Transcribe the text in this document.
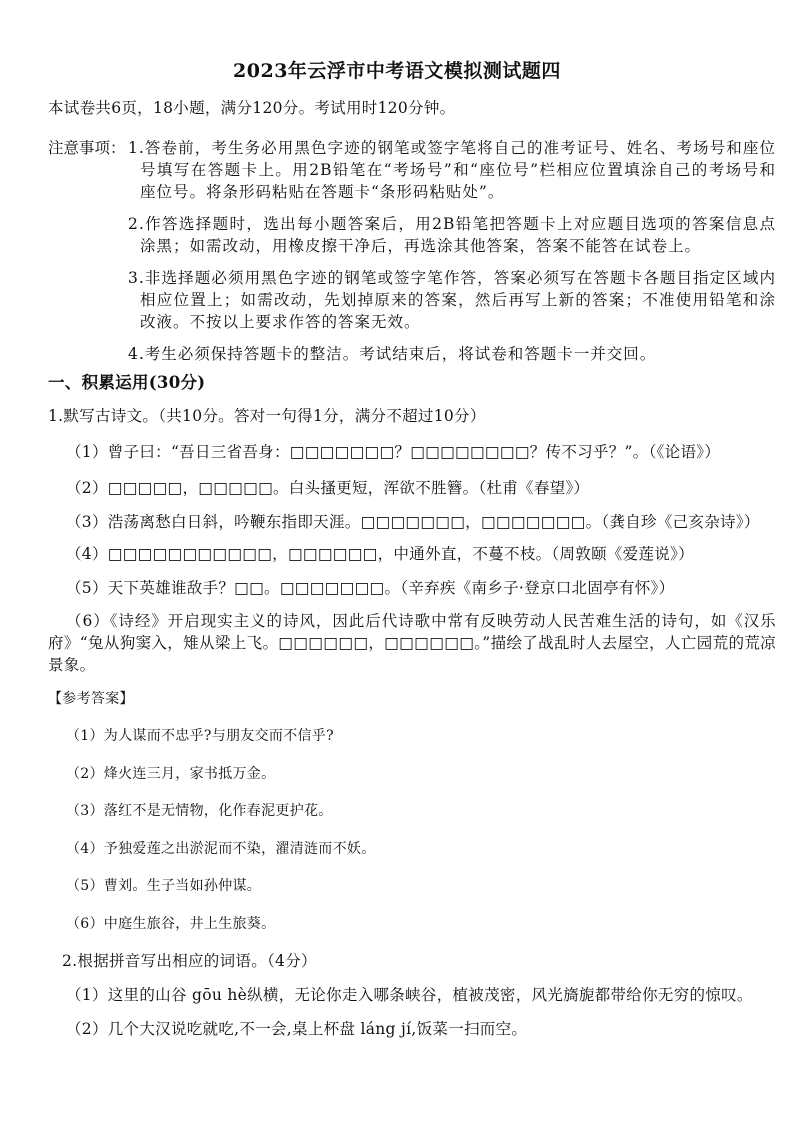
2023年云浮市中考语文模拟测试题四
本试卷共6页，18小题，满分120分。考试用时120分钟。
注意事项： 1.答卷前，考生务必用黑色字迹的钢笔或签字笔将自己的准考证号、姓名、考场号和座位号填写在答题卡上。用2B铅笔在“考场号”和“座位号”栏相应位置填涂自己的考场号和座位号。将条形码粘贴在答题卡“条形码粘贴处”。
2.作答选择题时，选出每小题答案后，用2B铅笔把答题卡上对应题目选项的答案信息点涂黑；如需改动，用橡皮擦干净后，再选涂其他答案，答案不能答在试卷上。
3.非选择题必须用黑色字迹的钢笔或签字笔作答，答案必须写在答题卡各题目指定区域内相应位置上；如需改动，先划掉原来的答案，然后再写上新的答案；不准使用铅笔和涂改液。不按以上要求作答的答案无效。
4.考生必须保持答题卡的整洁。考试结束后，将试卷和答题卡一并交回。
一、积累运用(30分)
1.默写古诗文。（共10分。答对一句得1分，满分不超过10分）
（1）曾子曰：“吾日三省吾身：□□□□□□□？□□□□□□□□？传不习乎？”。（《论语》）
（2）□□□□□，□□□□□。白头搔更短，浑欲不胜簪。（杜甫《春望》）
（3）浩荡离愁白日斜，吟鞭东指即天涯。□□□□□□□，□□□□□□□。（龚自珍《己亥杂诗》）
（4）□□□□□□□□□□□，□□□□□□，中通外直，不蔓不枝。（周敦颐《爱莲说》）
（5）天下英雄谁敌手？□□。□□□□□□□。（辛弃疾《南乡子·登京口北固亭有怀》）
（6）《诗经》开启现实主义的诗风，因此后代诗歌中常有反映劳动人民苦难生活的诗句，如《汉乐府》“兔从狗窦入，雉从梁上飞。□□□□□□，□□□□□□。”描绘了战乱时人去屋空，人亡园荒的荒凉景象。
【参考答案】
（1）为人谋而不忠乎?与朋友交而不信乎?
（2）烽火连三月，家书抵万金。
（3）落红不是无情物，化作春泥更护花。
（4）予独爱莲之出淤泥而不染，濯清涟而不妖。
（5）曹刘。生子当如孙仲谋。
（6）中庭生旅谷，井上生旅葵。
2.根据拼音写出相应的词语。（4分）
（1）这里的山谷 gōu hè纵横，无论你走入哪条峡谷，植被茂密，风光旖旎都带给你无穷的惊叹。
（2）几个大汉说吃就吃,不一会,桌上杯盘 láng jí,饭菜一扫而空。
